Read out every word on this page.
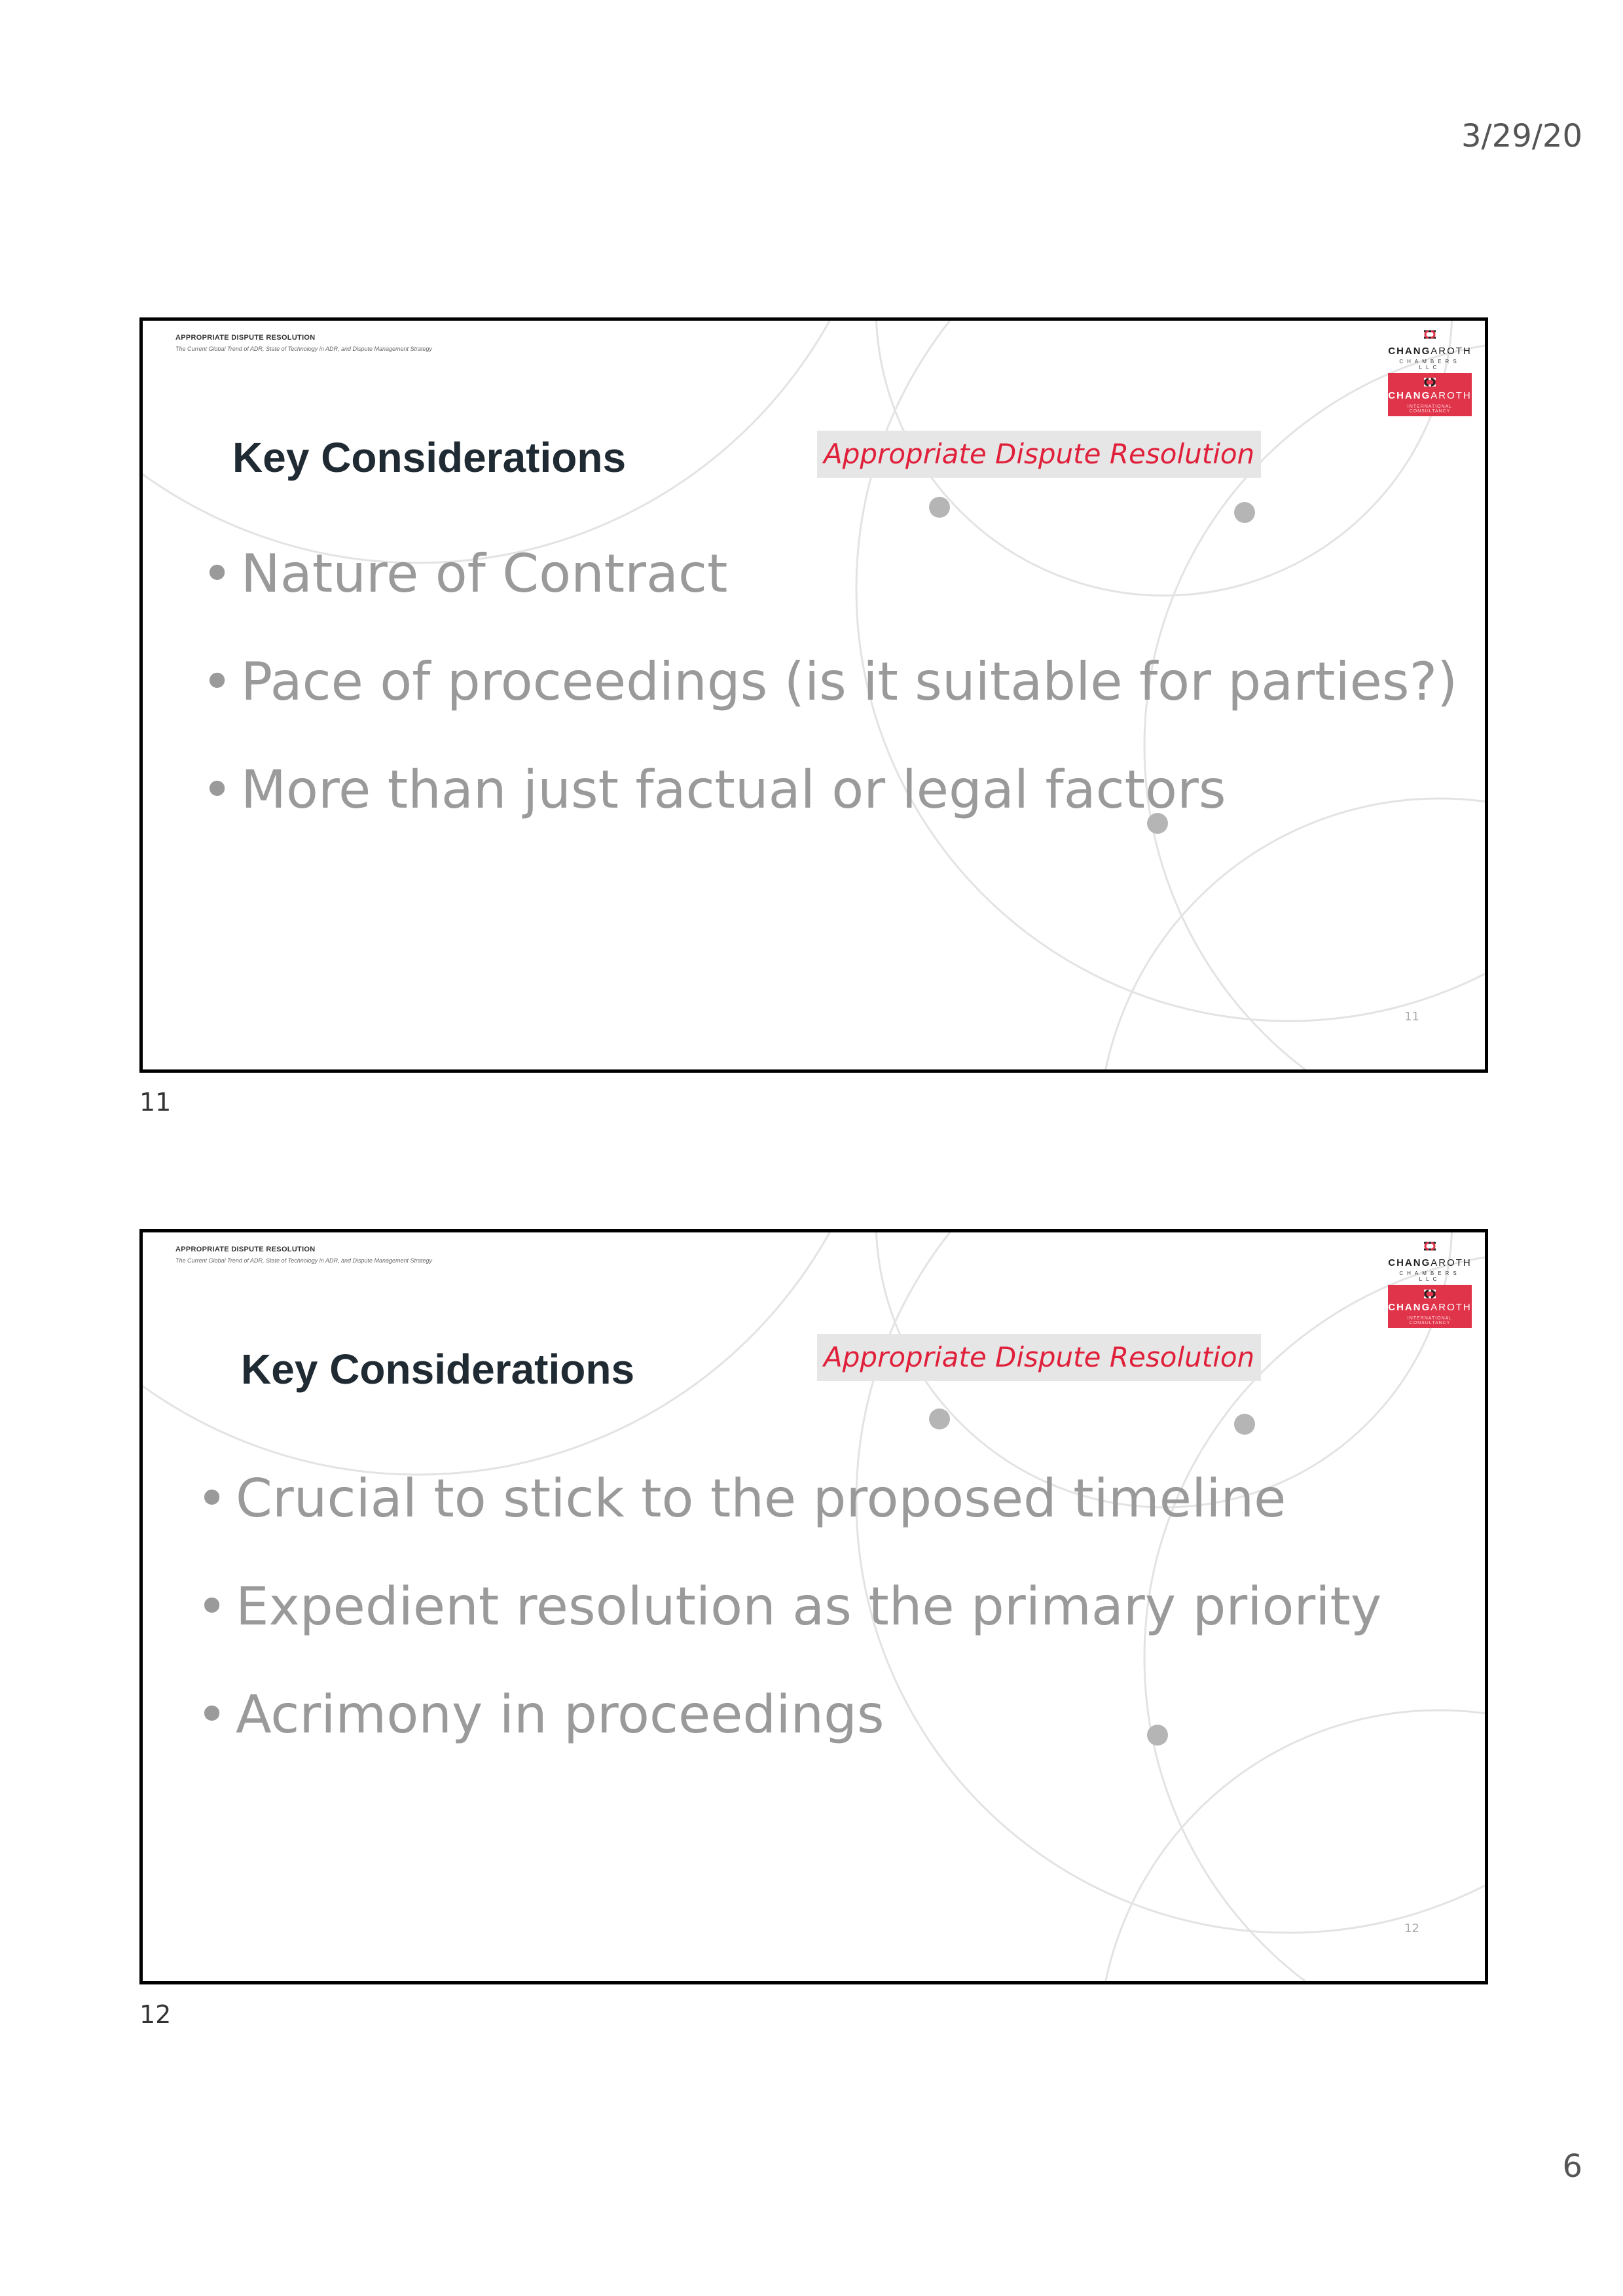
3/29/20
APPROPRIATE DISPUTE RESOLUTION
The Current Global Trend of ADR, State of Technology in ADR, and Dispute Management Strategy	CHANGAROTH
CHAMBERS LLC
CHANGAROTH
INTERNATIONAL CONSULTANCY
Key Considerations	Appropriate Dispute Resolution
• Nature of Contract
• Pace of proceedings (is it suitable for parties?)
• More than just factual or legal factors
11
11
APPROPRIATE DISPUTE RESOLUTION
The Current Global Trend of ADR, State of Technology in ADR, and Dispute Management Strategy	CHANGAROTH
CHAMBERS LLC
CHANGAROTH
INTERNATIONAL CONSULTANCY
Key Considerations	Appropriate Dispute Resolution
• Crucial to stick to the proposed timeline
• Expedient resolution as the primary priority
• Acrimony in proceedings
12
12
6
